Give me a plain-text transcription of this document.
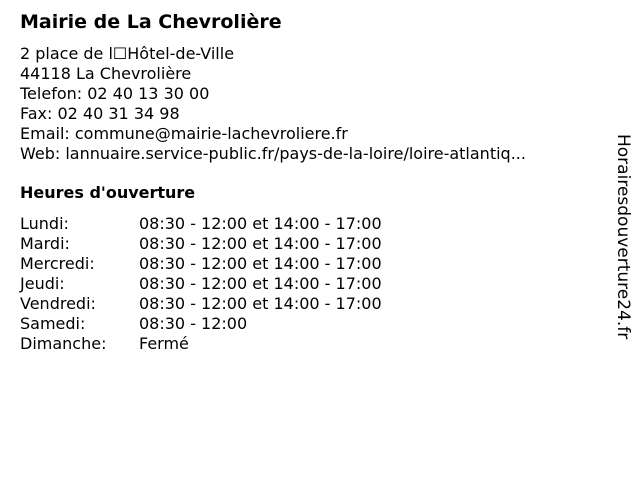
Mairie de La Chevrolière
2 place de l☐Hôtel-de-Ville
44118 La Chevrolière
Telefon: 02 40 13 30 00
Fax: 02 40 31 34 98
Email: commune@mairie-lachevroliere.fr
Web: lannuaire.service-public.fr/pays-de-la-loire/loire-atlantiq...
Heures d'ouverture
Lundi:	08:30 - 12:00 et 14:00 - 17:00
Mardi:	08:30 - 12:00 et 14:00 - 17:00
Mercredi:	08:30 - 12:00 et 14:00 - 17:00
Jeudi:	08:30 - 12:00 et 14:00 - 17:00
Vendredi:	08:30 - 12:00 et 14:00 - 17:00
Samedi:	08:30 - 12:00
Dimanche: Fermé
Horairesdouverture24.fr
